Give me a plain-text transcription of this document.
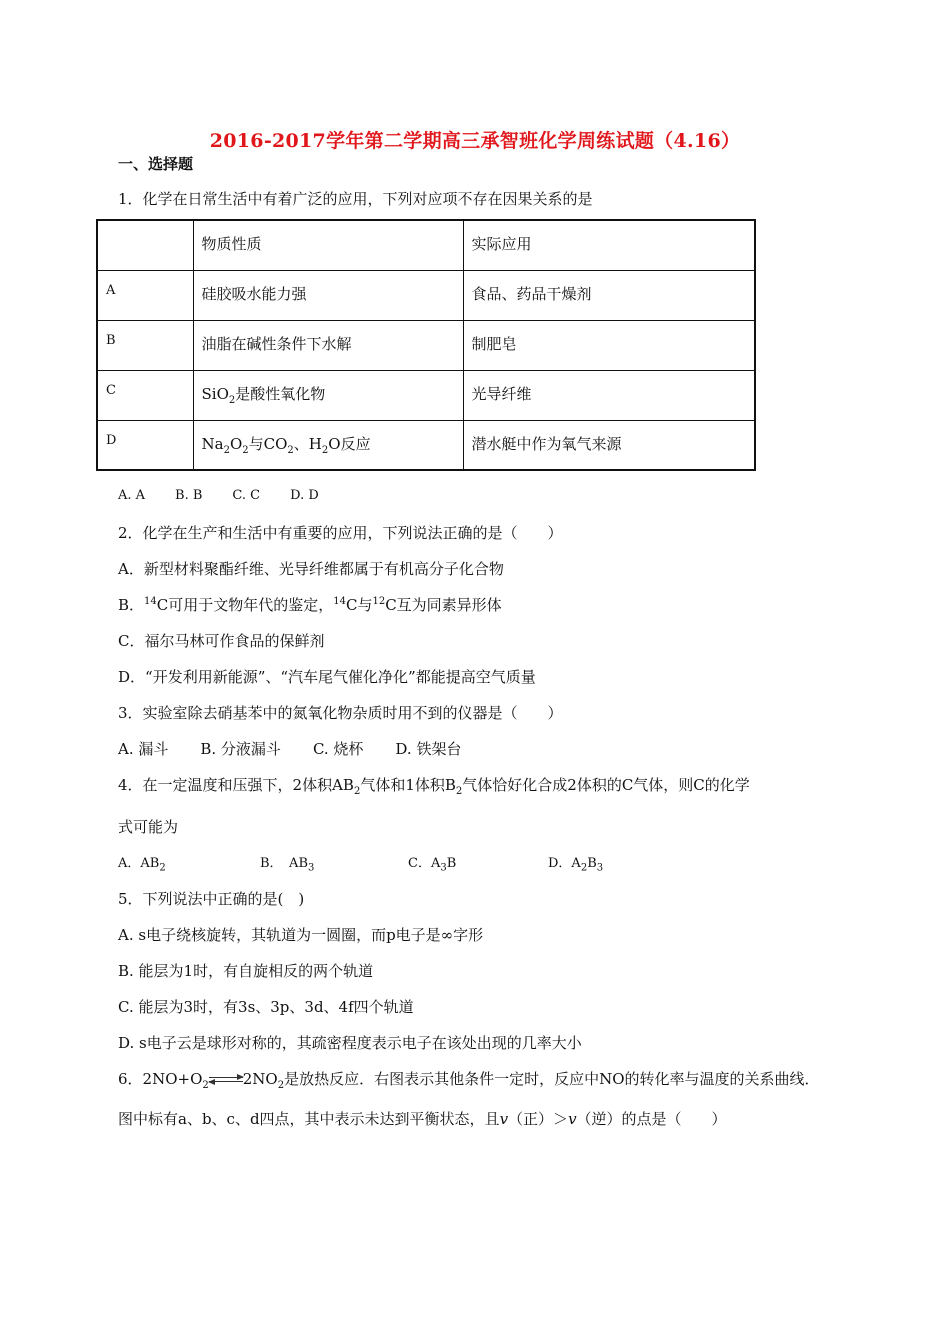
2016-2017学年第二学期高三承智班化学周练试题（4.16）
一、选择题
1．化学在日常生活中有着广泛的应用，下列对应项不存在因果关系的是
	物质性质	实际应用
A	硅胶吸水能力强	食品、药品干燥剂
B	油脂在碱性条件下水解	制肥皂
C	SiO$_2$是酸性氧化物	光导纤维
D	$Na_2O_2$与$CO_2$、$H_2O$反应	潜水艇中作为氧气来源
A. A B. B C. C D. D
2．化学在生产和生活中有重要的应用，下列说法正确的是（　　）
A．新型材料聚酯纤维、光导纤维都属于有机高分子化合物
B．$^{14}$C可用于文物年代的鉴定，$^{14}$C与$^{12}$C互为同素异形体
C．福尔马林可作食品的保鲜剂
D．“开发利用新能源”、“汽车尾气催化净化”都能提高空气质量
3．实验室除去硝基苯中的氮氧化物杂质时用不到的仪器是（　　）
A. 漏斗 B. 分液漏斗 C. 烧杯 D. 铁架台
4．在一定温度和压强下，2体积$AB_2$气体和1体积$B_2$气体恰好化合成2体积的C气体，则C的化学
式可能为
A．$AB_2$	B．　$AB_3$	C．$A_3B$	D．$A_2B_3$
5．下列说法中正确的是(　)
A. s电子绕核旋转，其轨道为一圆圈，而p电子是∞字形
B. 能层为1时，有自旋相反的两个轨道
C. 能层为3时，有3s、3p、3d、4f四个轨道
D. s电子云是球形对称的，其疏密程度表示电子在该处出现的几率大小
6．$2NO+O_2$ $2NO_2$是放热反应．右图表示其他条件一定时，反应中NO的转化率与温度的关系曲线．
图中标有a、b、c、d四点，其中表示未达到平衡状态，且v（正）＞v（逆）的点是（　　）
